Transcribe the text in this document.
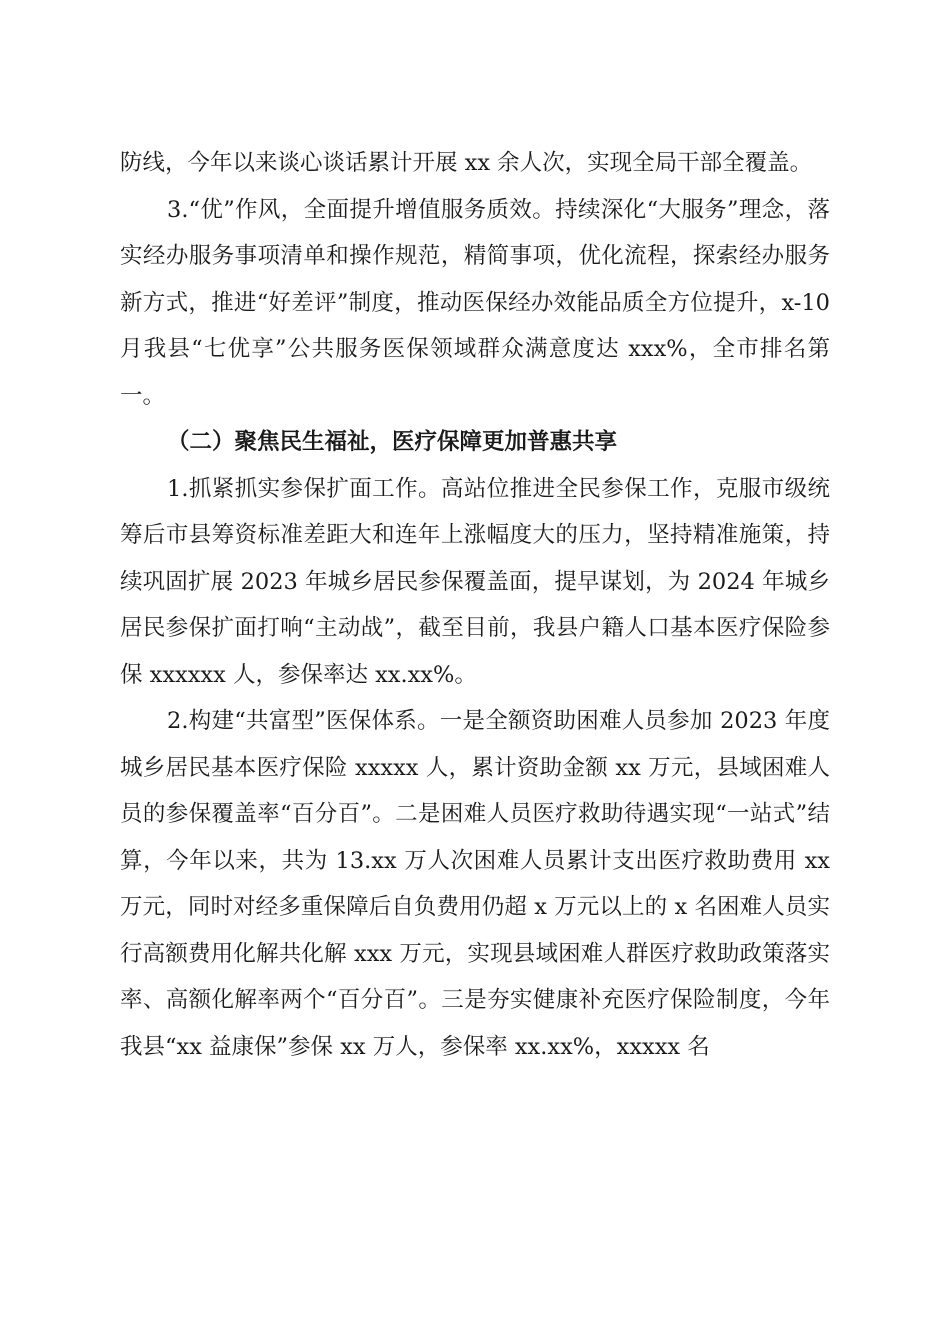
防线，今年以来谈心谈话累计开展 xx 余人次，实现全局干部全覆盖。

3.“优”作风，全面提升增值服务质效。持续深化“大服务”理念，落实经办服务事项清单和操作规范，精简事项，优化流程，探索经办服务新方式，推进“好差评”制度，推动医保经办效能品质全方位提升，x-10 月我县“七优享”公共服务医保领域群众满意度达 xxx%，全市排名第一。

（二）聚焦民生福祉，医疗保障更加普惠共享

1.抓紧抓实参保扩面工作。高站位推进全民参保工作，克服市级统筹后市县筹资标准差距大和连年上涨幅度大的压力，坚持精准施策，持续巩固扩展 2023 年城乡居民参保覆盖面，提早谋划，为 2024 年城乡居民参保扩面打响“主动战”，截至目前，我县户籍人口基本医疗保险参保 xxxxxx 人，参保率达 xx.xx%。

2.构建“共富型”医保体系。一是全额资助困难人员参加 2023 年度城乡居民基本医疗保险 xxxxx 人，累计资助金额 xx 万元，县域困难人员的参保覆盖率“百分百”。二是困难人员医疗救助待遇实现“一站式”结算，今年以来，共为 13.xx 万人次困难人员累计支出医疗救助费用 xx 万元，同时对经多重保障后自负费用仍超 x 万元以上的 x 名困难人员实行高额费用化解共化解 xxx 万元，实现县域困难人群医疗救助政策落实率、高额化解率两个“百分百”。三是夯实健康补充医疗保险制度，今年我县“xx 益康保”参保 xx 万人，参保率 xx.xx%，xxxxx 名
